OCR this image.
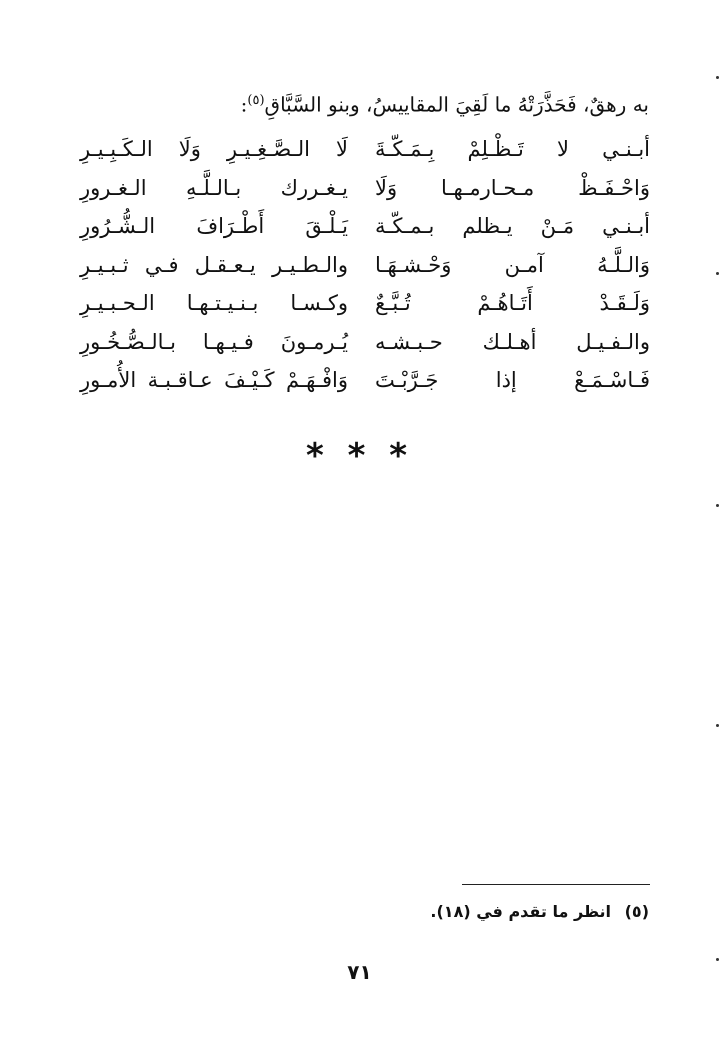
به رهقٌ، فَحَذَّرَتْهُ ما لَقِيَ المقاييسُ، وبنو السَّبَّاقِ$^{(٥)}$:
أبـنـي لا تَـظْـلِمْ بِـمَـكّـةَ
لَا الـصَّـغِـيـرِ وَلَا الـكَـبِـيـرِ
وَاحْـفَـظْ مـحـارمـهـا وَلَا
يـغـررك بـالـلَّـهِ الـغـرورِ
أبـنـي مَـنْ يـظلم بـمـكّـة
يَـلْـقَ أَطْـرَافَ الـشُّـرُورِ
وَالـلَّـهُ آمـن وَحْـشـهَـا
والـطـيـر يـعـقـل فـي ثـبـيـرِ
وَلَـقَـدْ أَتَـاهُـمْ تُـبَّـعٌ
وكـسـا بـنـيـتـهـا الـحـبـيـرِ
والـفـيـل أهـلـك حـبـشـه
يُـرمـونَ فـيـهـا بـالـصُّـخُـورِ
فَـاسْـمَـعْ إذا جَـرَّبْـتَ
وَافْـهَـمْ كَـيْـفَ عـاقـبـة الأُمـورِ
* * *
(٥) انظر ما تقدم في (١٨).
٧١
